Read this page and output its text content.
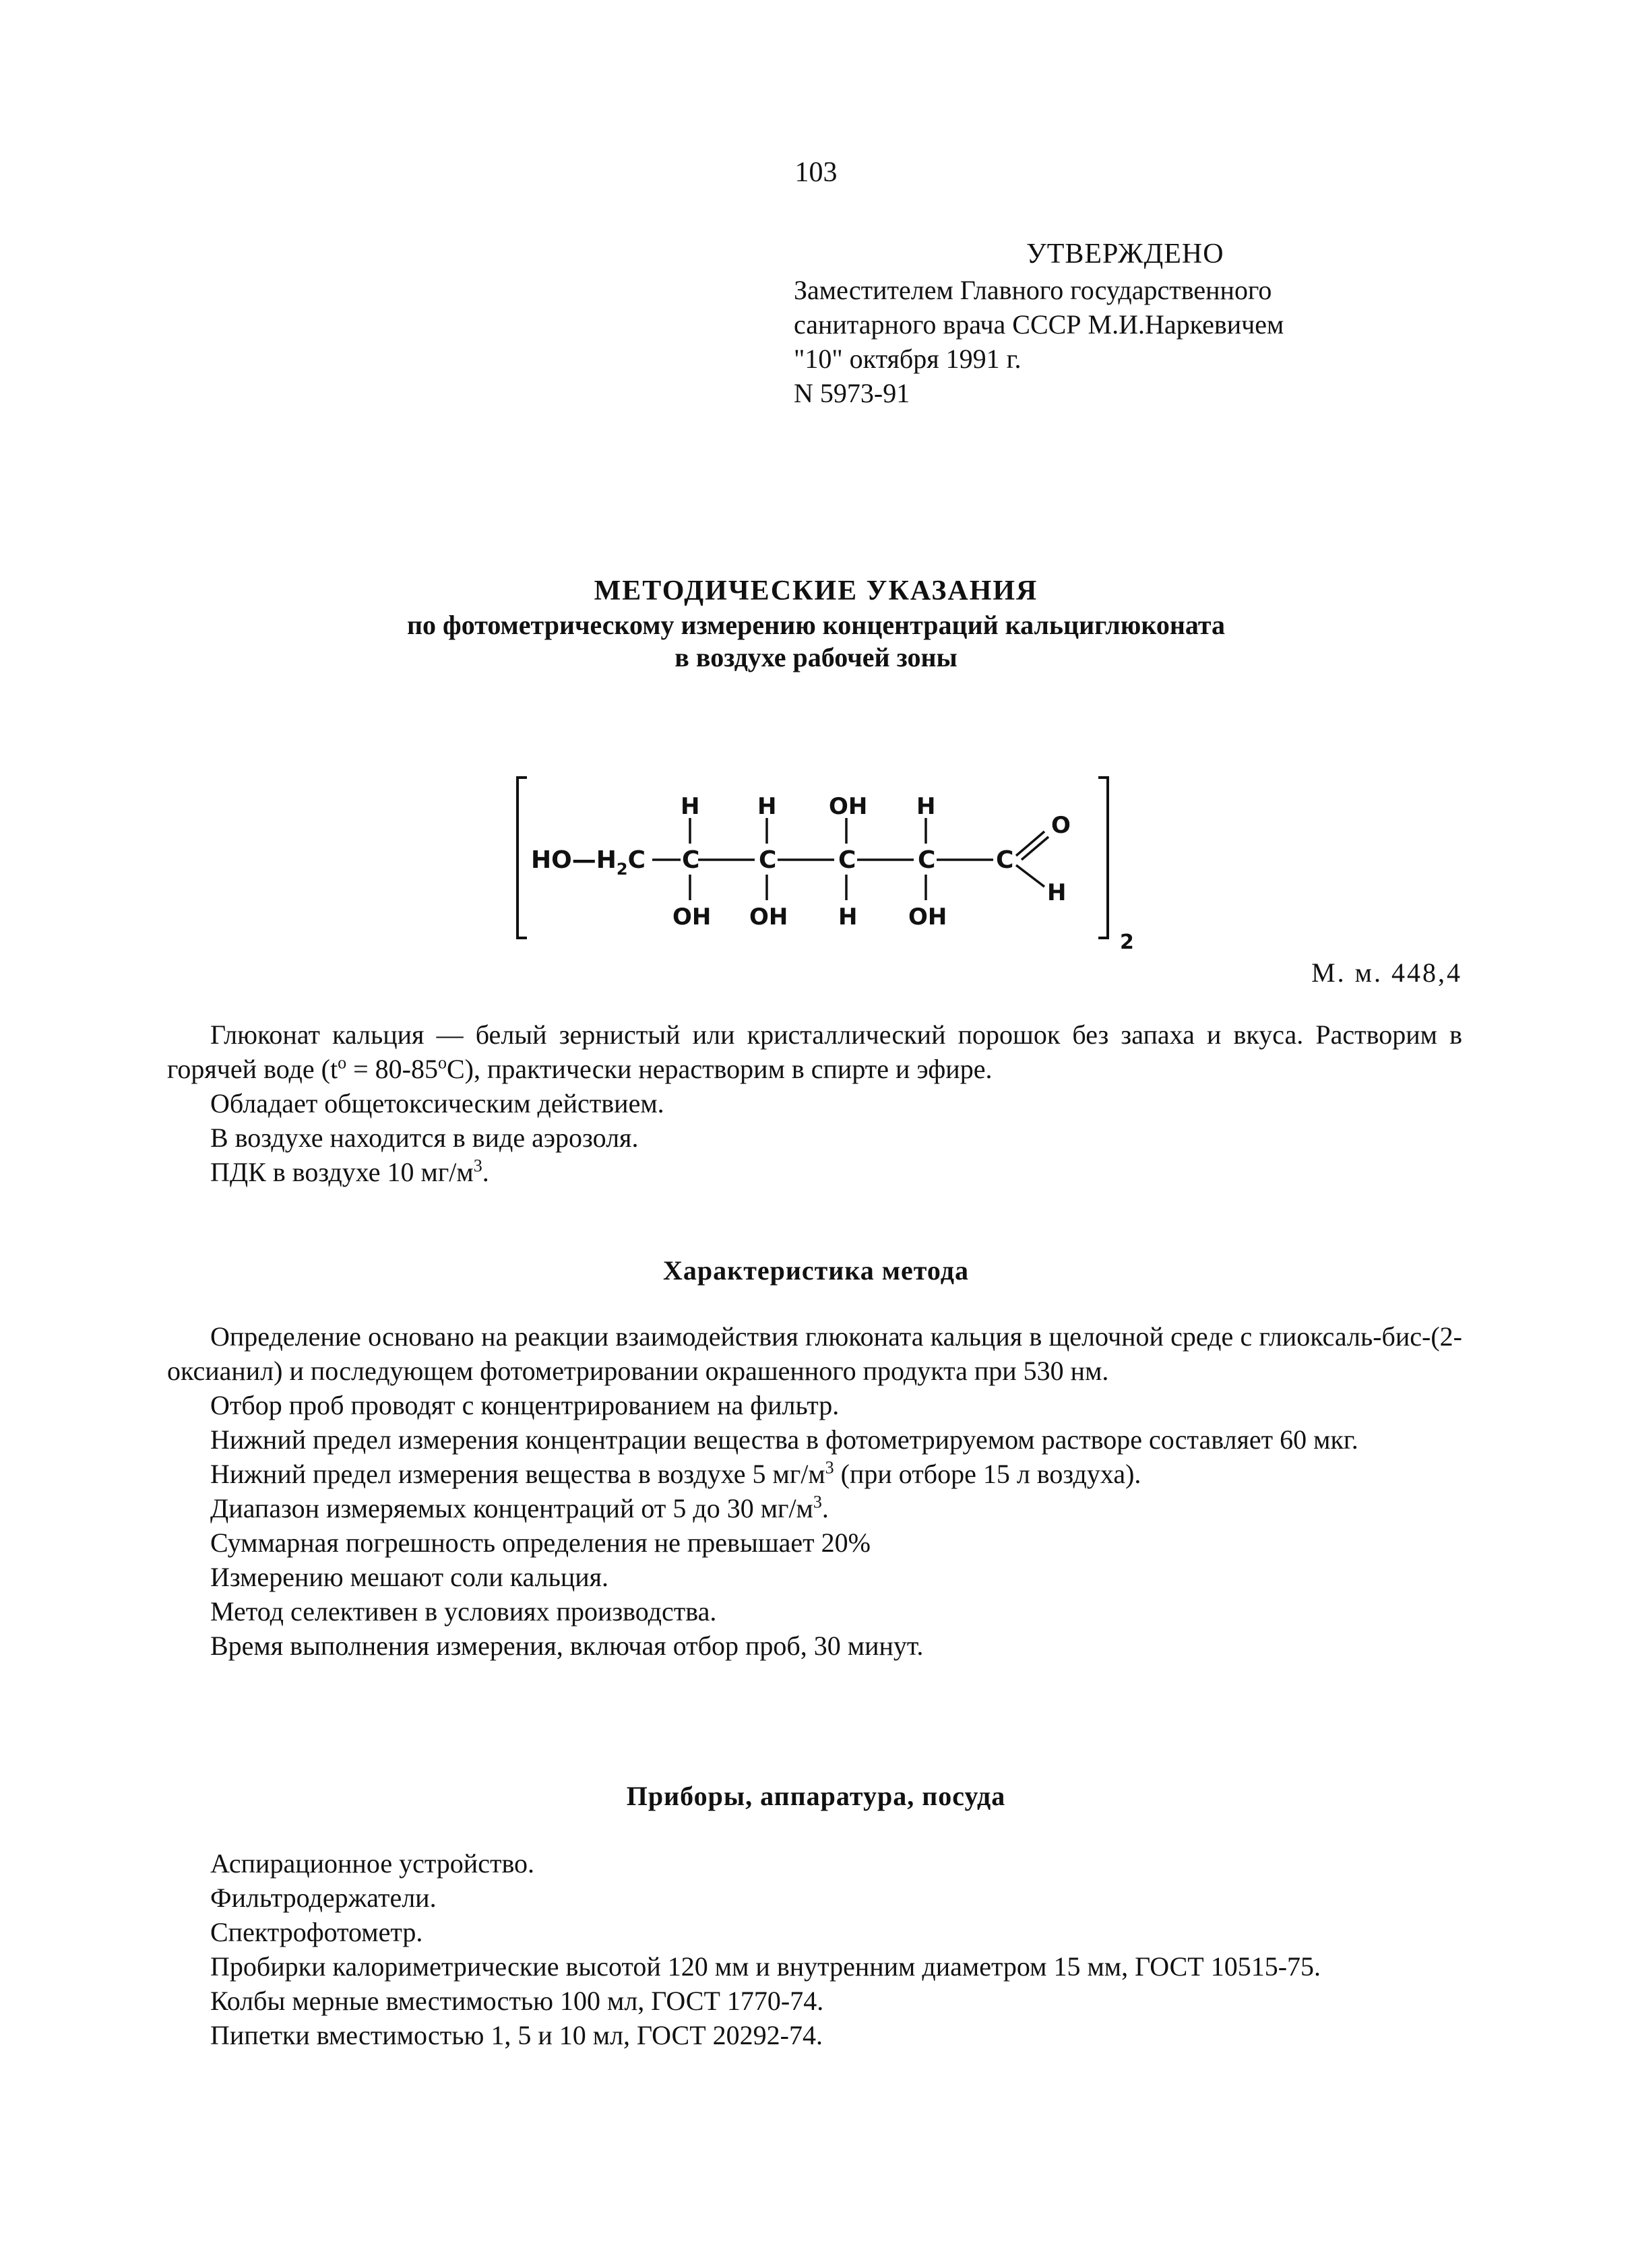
103
УТВЕРЖДЕНО
Заместителем Главного государственного
санитарного врача СССР М.И.Наркевичем
"10" октября 1991 г.
N 5973-91
МЕТОДИЧЕСКИЕ УКАЗАНИЯ
по фотометрическому измерению концентраций кальциглюконата
в воздухе рабочей зоны
2
$HO—H_2C$
H	H OH H
C C	C	C C
OH OH H OH
O
H
М. м. 448,4

Глюконат кальция — белый зернистый или кристаллический порошок без запаха и вкуса. Растворим в горячей воде $(t^o = 80-85^oC)$, практически нерастворим в спирте и эфире.

Обладает общетоксическим действием.

В воздухе находится в виде аэрозоля.

ПДК в воздухе 10 $мг/м^3$.

Характеристика метода

Определение основано на реакции взаимодействия глюконата кальция в щелочной среде с глиоксаль-бис-(2-оксианил) и последующем фотометрировании окрашенного продукта при 530 нм.

Отбор проб проводят с концентрированием на фильтр.

Нижний предел измерения концентрации вещества в фотометрируемом растворе составляет 60 мкг.

Нижний предел измерения вещества в воздухе 5 $мг/м^3$ (при отборе 15 л воздуха).

Диапазон измеряемых концентраций от 5 до 30 $мг/м^3$.

Суммарная погрешность определения не превышает 20%

Измерению мешают соли кальция.

Метод селективен в условиях производства.

Время выполнения измерения, включая отбор проб, 30 минут.

Приборы, аппаратура, посуда

Аспирационное устройство.

Фильтродержатели.

Спектрофотометр.

Пробирки калориметрические высотой 120 мм и внутренним диаметром 15 мм, ГОСТ 10515-75.

Колбы мерные вместимостью 100 мл, ГОСТ 1770-74.

Пипетки вместимостью 1, 5 и 10 мл, ГОСТ 20292-74.
